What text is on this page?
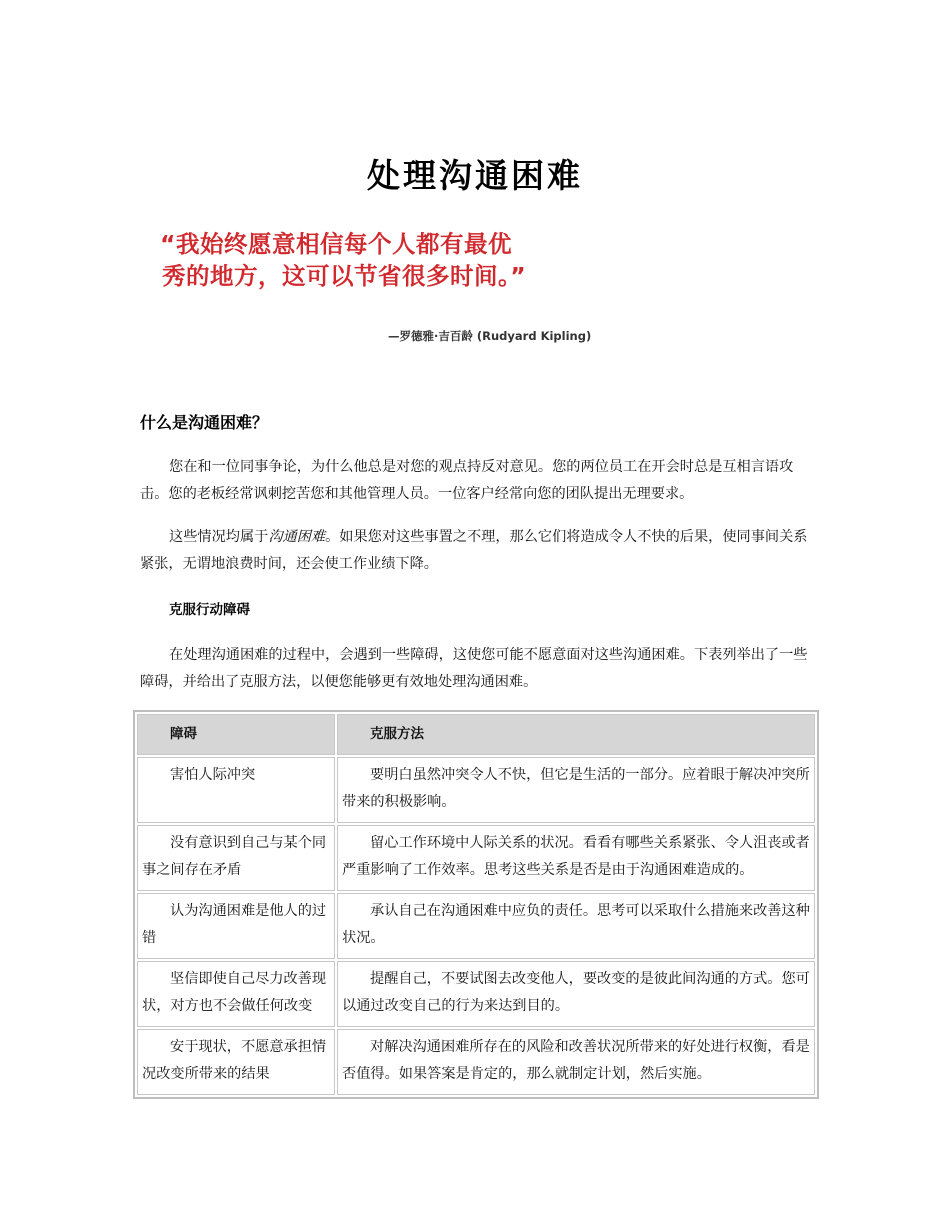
处理沟通困难
“我始终愿意相信每个人都有最优
秀的地方，这可以节省很多时间。”
—罗德雅·吉百龄 (Rudyard Kipling)
什么是沟通困难？
您在和一位同事争论，为什么他总是对您的观点持反对意见。您的两位员工在开会时总是互相言语攻击。您的老板经常讽刺挖苦您和其他管理人员。一位客户经常向您的团队提出无理要求。
这些情况均属于沟通困难。如果您对这些事置之不理，那么它们将造成令人不快的后果，使同事间关系紧张，无谓地浪费时间，还会使工作业绩下降。
克服行动障碍
在处理沟通困难的过程中，会遇到一些障碍，这使您可能不愿意面对这些沟通困难。下表列举出了一些障碍，并给出了克服方法，以便您能够更有效地处理沟通困难。
障碍	克服方法

害怕人际冲突	要明白虽然冲突令人不快，但它是生活的一部分。应着眼于解决冲突所带来的积极影响。

没有意识到自己与某个同事之间存在矛盾	留心工作环境中人际关系的状况。看看有哪些关系紧张、令人沮丧或者严重影响了工作效率。思考这些关系是否是由于沟通困难造成的。

认为沟通困难是他人的过错	承认自己在沟通困难中应负的责任。思考可以采取什么措施来改善这种状况。

坚信即使自己尽力改善现状，对方也不会做任何改变	提醒自己，不要试图去改变他人，要改变的是彼此间沟通的方式。您可以通过改变自己的行为来达到目的。

安于现状，不愿意承担情况改变所带来的结果	对解决沟通困难所存在的风险和改善状况所带来的好处进行权衡，看是否值得。如果答案是肯定的，那么就制定计划，然后实施。
